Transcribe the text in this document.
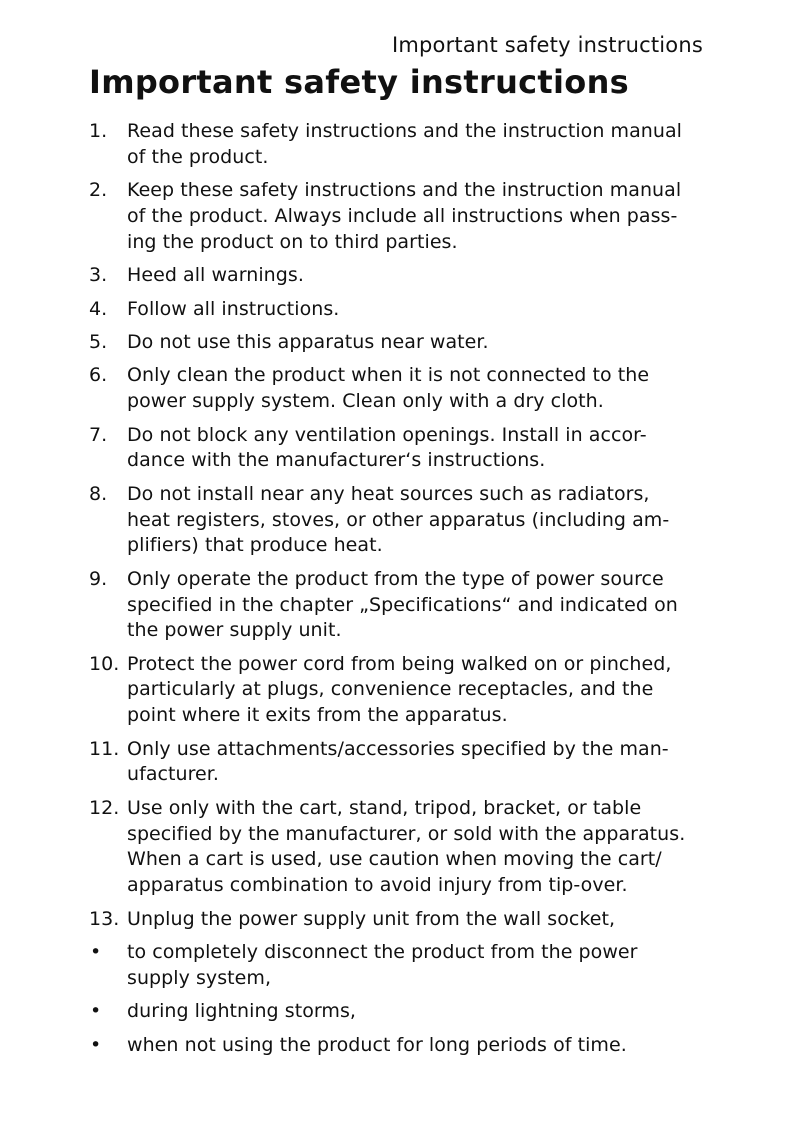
Important safety instructions
Important safety instructions
1. Read these safety instructions and the instruction manual
of the product.
2. Keep these safety instructions and the instruction manual
of the product. Always include all instructions when pass-
ing the product on to third parties.
3. Heed all warnings.
4. Follow all instructions.
5. Do not use this apparatus near water.
6. Only clean the product when it is not connected to the
power supply system. Clean only with a dry cloth.
7. Do not block any ventilation openings. Install in accor-
dance with the manufacturer‘s instructions.
8. Do not install near any heat sources such as radiators,
heat registers, stoves, or other apparatus (including am-
plifiers) that produce heat.
9. Only operate the product from the type of power source
specified in the chapter „Specifications“ and indicated on
the power supply unit.
10. Protect the power cord from being walked on or pinched,
particularly at plugs, convenience receptacles, and the
point where it exits from the apparatus.
11. Only use attachments/accessories specified by the man-
ufacturer.
12. Use only with the cart, stand, tripod, bracket, or table
specified by the manufacturer, or sold with the apparatus.
When a cart is used, use caution when moving the cart/
apparatus combination to avoid injury from tip-over.
13. Unplug the power supply unit from the wall socket,
• to completely disconnect the product from the power
supply system,
• during lightning storms,
• when not using the product for long periods of time.
